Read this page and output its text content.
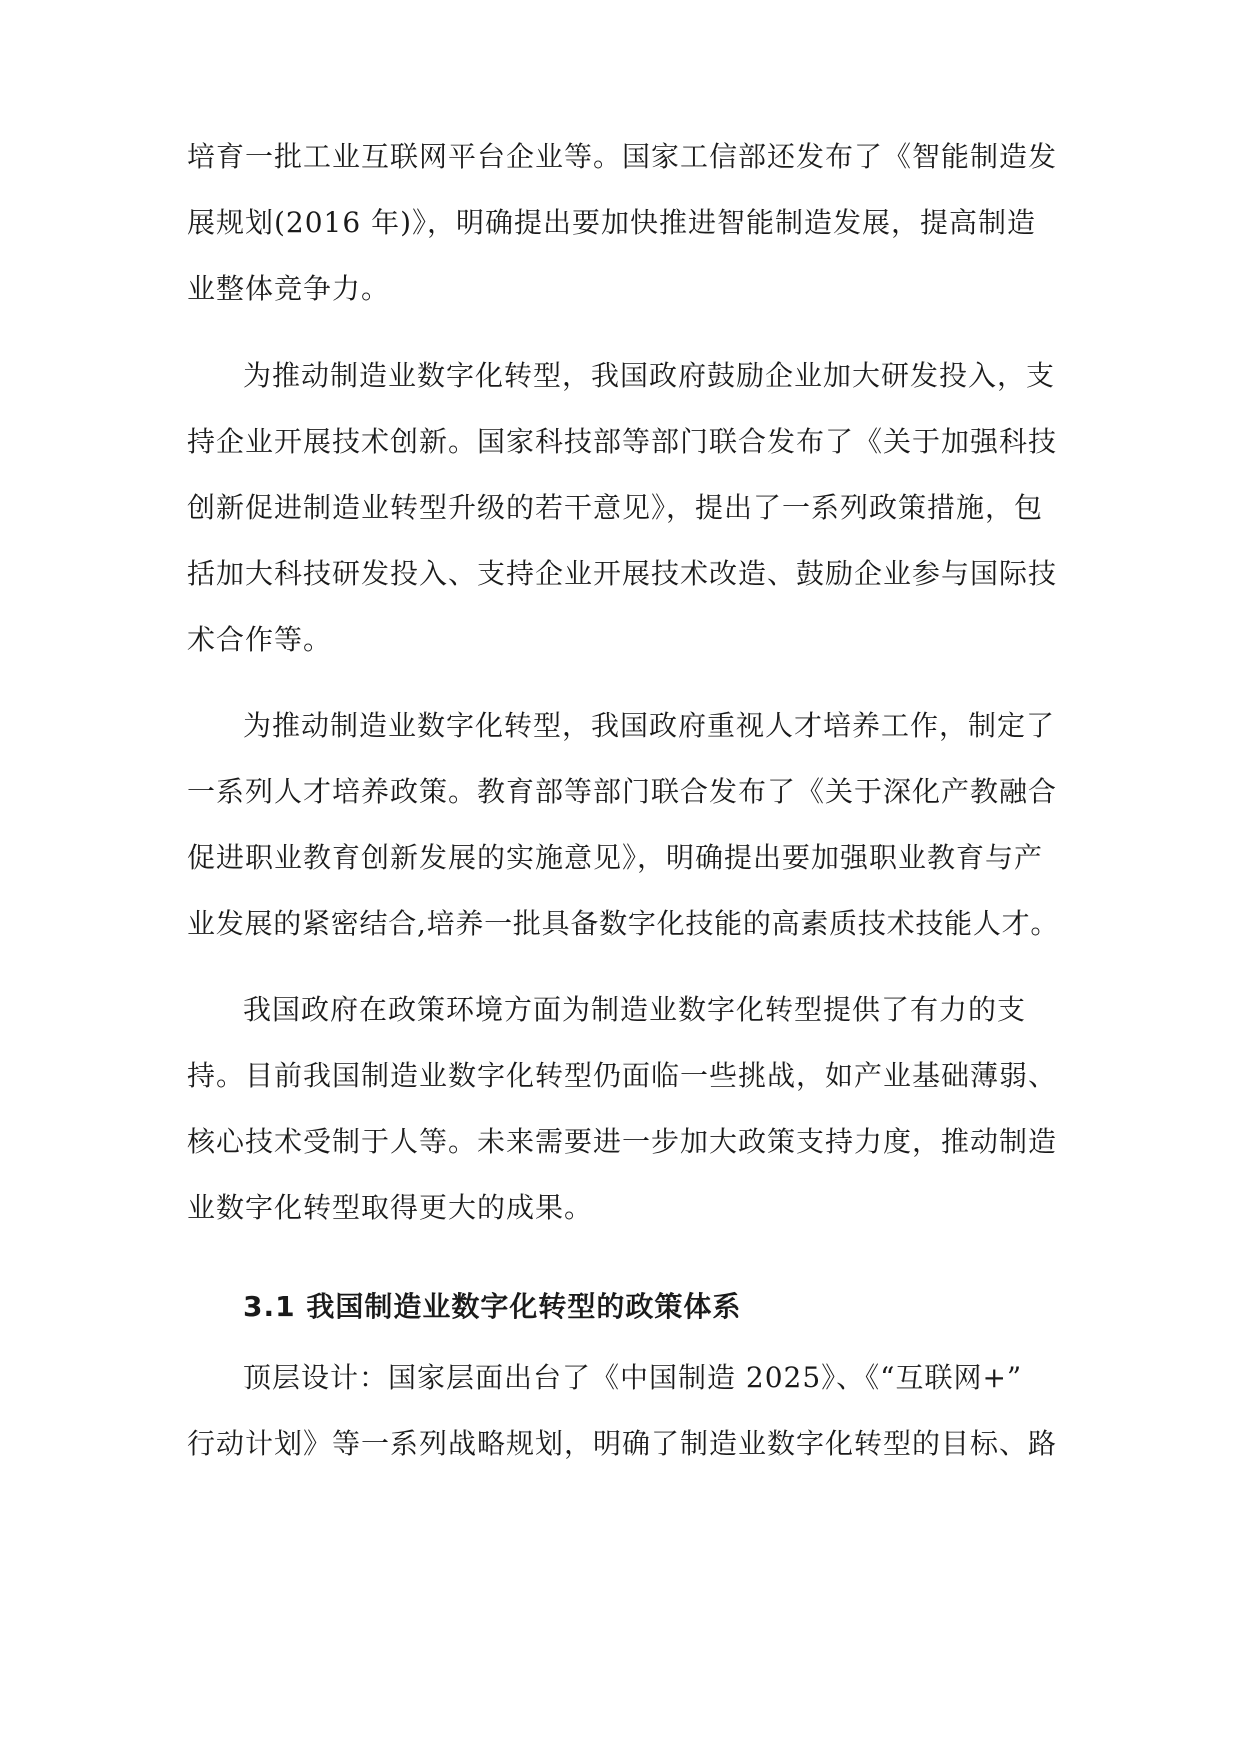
培育一批工业互联网平台企业等。国家工信部还发布了《智能制造发
展规划(2016 年)》，明确提出要加快推进智能制造发展，提高制造
业整体竞争力。
为推动制造业数字化转型，我国政府鼓励企业加大研发投入，支
持企业开展技术创新。国家科技部等部门联合发布了《关于加强科技
创新促进制造业转型升级的若干意见》，提出了一系列政策措施，包
括加大科技研发投入、支持企业开展技术改造、鼓励企业参与国际技
术合作等。
为推动制造业数字化转型，我国政府重视人才培养工作，制定了
一系列人才培养政策。教育部等部门联合发布了《关于深化产教融合
促进职业教育创新发展的实施意见》，明确提出要加强职业教育与产
业发展的紧密结合,培养一批具备数字化技能的高素质技术技能人才。
我国政府在政策环境方面为制造业数字化转型提供了有力的支
持。目前我国制造业数字化转型仍面临一些挑战，如产业基础薄弱、
核心技术受制于人等。未来需要进一步加大政策支持力度，推动制造
业数字化转型取得更大的成果。
3.1 我国制造业数字化转型的政策体系
顶层设计：国家层面出台了《中国制造 2025》、《“互联网+”
行动计划》等一系列战略规划，明确了制造业数字化转型的目标、路
